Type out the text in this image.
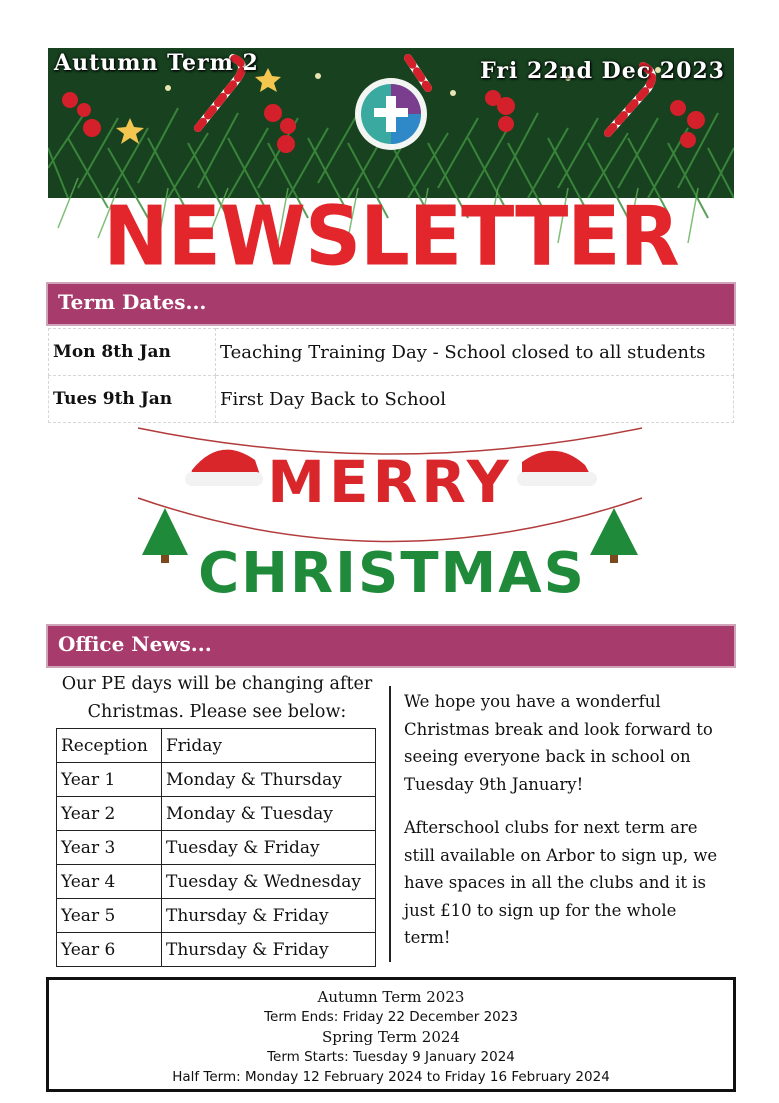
NEWSLETTER
Autumn Term 2	Fri 22nd Dec 2023
Term Dates...
Mon 8th Jan	Teaching Training Day - School closed to all students
Tues 9th Jan	First Day Back to School
MERRY
CHRISTMAS
Office News...
Our PE days will be changing after Christmas. Please see below:
Reception	Friday
Year 1	Monday & Thursday
Year 2	Monday & Tuesday
Year 3	Tuesday & Friday
Year 4	Tuesday & Wednesday
Year 5	Thursday & Friday
Year 6	Thursday & Friday

We hope you have a wonderful Christmas break and look forward to seeing everyone back in school on Tuesday 9th January!

Afterschool clubs for next term are still available on Arbor to sign up, we have spaces in all the clubs and it is just £10 to sign up for the whole term!

Autumn Term 2023
Term Ends: Friday 22 December 2023
Spring Term 2024
Term Starts: Tuesday 9 January 2024
Half Term: Monday 12 February 2024 to Friday 16 February 2024
